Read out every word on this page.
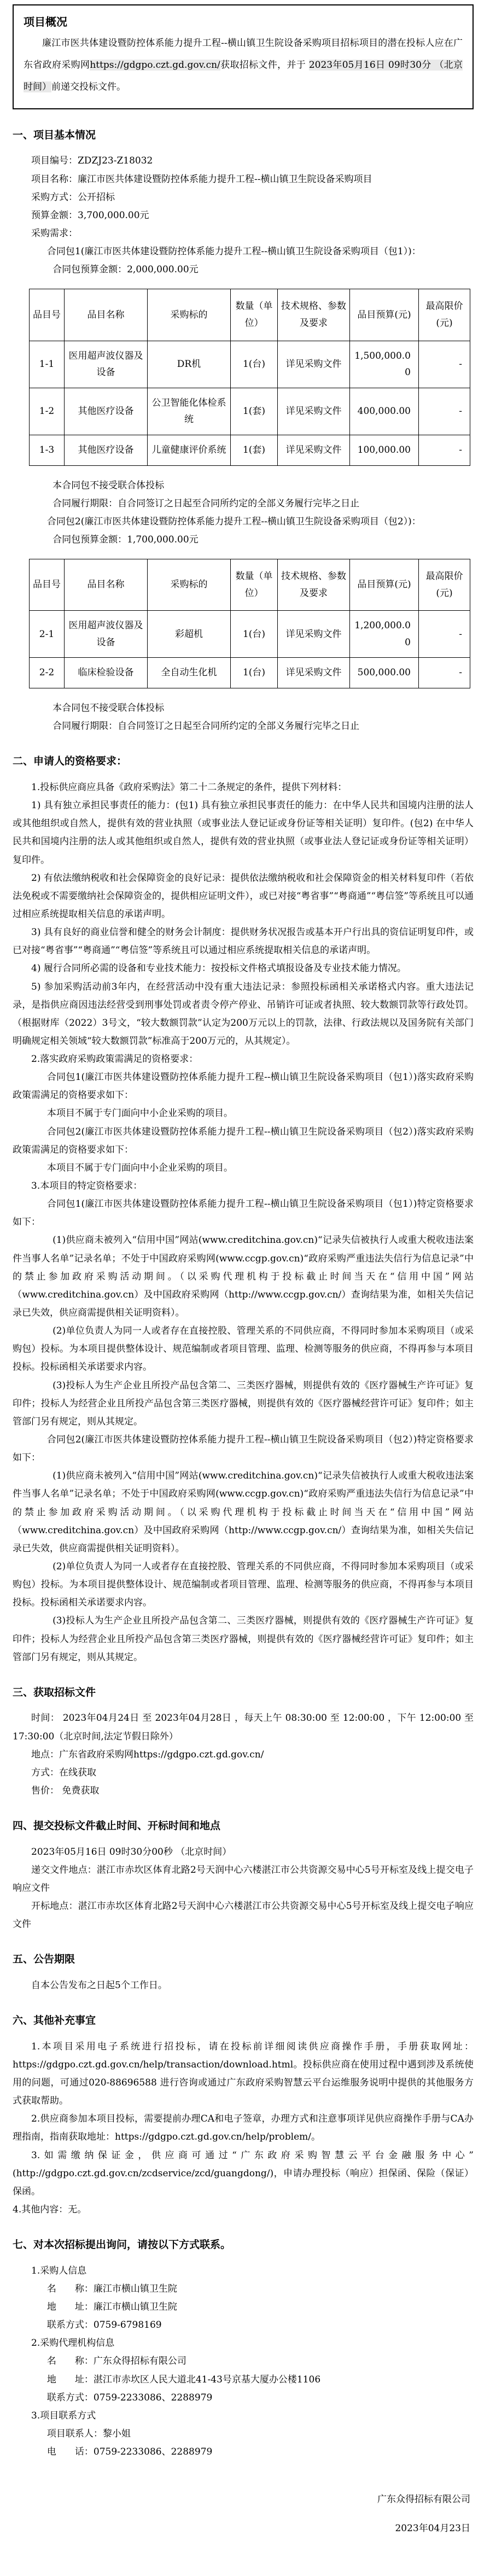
项目概况

廉江市医共体建设暨防控体系能力提升工程--横山镇卫生院设备采购项目招标项目的潜在投标人应在广东省政府采购网https://gdgpo.czt.gd.gov.cn/获取招标文件，并于 2023年05月16日 09时30分 （北京时间）前递交投标文件。

一、项目基本情况

项目编号：ZDZJ23-Z18032

项目名称：廉江市医共体建设暨防控体系能力提升工程--横山镇卫生院设备采购项目

采购方式：公开招标

预算金额：3,700,000.00元

采购需求：

合同包1(廉江市医共体建设暨防控体系能力提升工程--横山镇卫生院设备采购项目（包1）)：

合同包预算金额：2,000,000.00元

品目号	品目名称	采购标的	数量（单位）	技术规格、参数及要求	品目预算(元)	最高限价(元)
1-1	医用超声波仪器及设备	DR机	1(台)	详见采购文件	1,500,000.00	-
1-2	其他医疗设备	公卫智能化体检系统	1(套)	详见采购文件	400,000.00	-
1-3	其他医疗设备	儿童健康评价系统	1(套)	详见采购文件	100,000.00	-

本合同包不接受联合体投标

合同履行期限：自合同签订之日起至合同所约定的全部义务履行完毕之日止

合同包2(廉江市医共体建设暨防控体系能力提升工程--横山镇卫生院设备采购项目（包2）)：

合同包预算金额：1,700,000.00元

品目号	品目名称	采购标的	数量（单位）	技术规格、参数及要求	品目预算(元)	最高限价(元)
2-1	医用超声波仪器及设备	彩超机	1(台)	详见采购文件	1,200,000.00	-
2-2	临床检验设备	全自动生化机	1(台)	详见采购文件	500,000.00	-

本合同包不接受联合体投标

合同履行期限：自合同签订之日起至合同所约定的全部义务履行完毕之日止

二、申请人的资格要求：

1.投标供应商应具备《政府采购法》第二十二条规定的条件，提供下列材料：

1) 具有独立承担民事责任的能力：(包1) 具有独立承担民事责任的能力：在中华人民共和国境内注册的法人或其他组织或自然人，提供有效的营业执照（或事业法人登记证或身份证等相关证明）复印件。(包2) 在中华人民共和国境内注册的法人或其他组织或自然人，提供有效的营业执照（或事业法人登记证或身份证等相关证明）复印件。

2) 有依法缴纳税收和社会保障资金的良好记录：提供依法缴纳税收和社会保障资金的相关材料复印件（若依法免税或不需要缴纳社会保障资金的，提供相应证明文件），或已对接“粤省事”“粤商通”“粤信签”等系统且可以通过相应系统提取相关信息的承诺声明。

3) 具有良好的商业信誉和健全的财务会计制度：提供财务状况报告或基本开户行出具的资信证明复印件，或已对接“粤省事”“粤商通”“粤信签”等系统且可以通过相应系统提取相关信息的承诺声明。

4) 履行合同所必需的设备和专业技术能力：按投标文件格式填报设备及专业技术能力情况。

5) 参加采购活动前3年内，在经营活动中没有重大违法记录：参照投标函相关承诺格式内容。重大违法记录，是指供应商因违法经营受到刑事处罚或者责令停产停业、吊销许可证或者执照、较大数额罚款等行政处罚。（根据财库（2022）3号文，“较大数额罚款”认定为200万元以上的罚款，法律、行政法规以及国务院有关部门明确规定相关领域“较大数额罚款”标准高于200万元的，从其规定）。

2.落实政府采购政策需满足的资格要求：

合同包1(廉江市医共体建设暨防控体系能力提升工程--横山镇卫生院设备采购项目（包1）)落实政府采购政策需满足的资格要求如下：

本项目不属于专门面向中小企业采购的项目。

合同包2(廉江市医共体建设暨防控体系能力提升工程--横山镇卫生院设备采购项目（包2）)落实政府采购政策需满足的资格要求如下：

本项目不属于专门面向中小企业采购的项目。

3.本项目的特定资格要求：

合同包1(廉江市医共体建设暨防控体系能力提升工程--横山镇卫生院设备采购项目（包1）)特定资格要求如下：

(1)供应商未被列入“信用中国”网站(www.creditchina.gov.cn)“记录失信被执行人或重大税收违法案件当事人名单”记录名单；不处于中国政府采购网(www.ccgp.gov.cn)“政府采购严重违法失信行为信息记录”中的禁止参加政府采购活动期间。（以采购代理机构于投标截止时间当天在“信用中国”网站（www.creditchina.gov.cn）及中国政府采购网（http://www.ccgp.gov.cn/）查询结果为准，如相关失信记录已失效，供应商需提供相关证明资料）。

(2)单位负责人为同一人或者存在直接控股、管理关系的不同供应商，不得同时参加本采购项目（或采购包）投标。为本项目提供整体设计、规范编制或者项目管理、监理、检测等服务的供应商，不得再参与本项目投标。投标函相关承诺要求内容。

(3)投标人为生产企业且所投产品包含第二、三类医疗器械，则提供有效的《医疗器械生产许可证》复印件；投标人为经营企业且所投产品包含第三类医疗器械，则提供有效的《医疗器械经营许可证》复印件；如主管部门另有规定，则从其规定。

合同包2(廉江市医共体建设暨防控体系能力提升工程--横山镇卫生院设备采购项目（包2）)特定资格要求如下：

(1)供应商未被列入“信用中国”网站(www.creditchina.gov.cn)“记录失信被执行人或重大税收违法案件当事人名单”记录名单；不处于中国政府采购网(www.ccgp.gov.cn)“政府采购严重违法失信行为信息记录”中的禁止参加政府采购活动期间。（以采购代理机构于投标截止时间当天在“信用中国”网站（www.creditchina.gov.cn）及中国政府采购网（http://www.ccgp.gov.cn/）查询结果为准，如相关失信记录已失效，供应商需提供相关证明资料）。

(2)单位负责人为同一人或者存在直接控股、管理关系的不同供应商，不得同时参加本采购项目（或采购包）投标。为本项目提供整体设计、规范编制或者项目管理、监理、检测等服务的供应商，不得再参与本项目投标。投标函相关承诺要求内容。

(3)投标人为生产企业且所投产品包含第二、三类医疗器械，则提供有效的《医疗器械生产许可证》复印件；投标人为经营企业且所投产品包含第三类医疗器械，则提供有效的《医疗器械经营许可证》复印件；如主管部门另有规定，则从其规定。

三、获取招标文件

时间： 2023年04月24日 至 2023年04月28日 ，每天上午 08:30:00 至 12:00:00 ，下午 12:00:00 至 17:30:00（北京时间,法定节假日除外）

地点：广东省政府采购网https://gdgpo.czt.gd.gov.cn/

方式：在线获取

售价： 免费获取

四、提交投标文件截止时间、开标时间和地点

2023年05月16日 09时30分00秒 （北京时间）

递交文件地点：湛江市赤坎区体育北路2号天润中心六楼湛江市公共资源交易中心5号开标室及线上提交电子响应文件

开标地点：湛江市赤坎区体育北路2号天润中心六楼湛江市公共资源交易中心5号开标室及线上提交电子响应文件

五、公告期限

自本公告发布之日起5个工作日。

六、其他补充事宜

1.本项目采用电子系统进行招投标，请在投标前详细阅读供应商操作手册，手册获取网址：https://gdgpo.czt.gd.gov.cn/help/transaction/download.html。投标供应商在使用过程中遇到涉及系统使用的问题，可通过020-88696588 进行咨询或通过广东政府采购智慧云平台运维服务说明中提供的其他服务方式获取帮助。

2.供应商参加本项目投标，需要提前办理CA和电子签章，办理方式和注意事项详见供应商操作手册与CA办理指南，指南获取地址：https://gdgpo.czt.gd.gov.cn/help/problem/。

3.如需缴纳保证金，供应商可通过“广东政府采购智慧云平台金融服务中心”(http://gdgpo.czt.gd.gov.cn/zcdservice/zcd/guangdong/)，申请办理投标（响应）担保函、保险（保证）保函。

4.其他内容：无。

七、对本次招标提出询问，请按以下方式联系。

1.采购人信息

名　　称：廉江市横山镇卫生院

地　　址：廉江市横山镇卫生院

联系方式：0759-6798169

2.采购代理机构信息

名　　称：广东众得招标有限公司

地　　址：湛江市赤坎区人民大道北41-43号京基大厦办公楼1106

联系方式：0759-2233086、2288979

3.项目联系方式

项目联系人：黎小姐

电　　话：0759-2233086、2288979

广东众得招标有限公司
2023年04月23日
